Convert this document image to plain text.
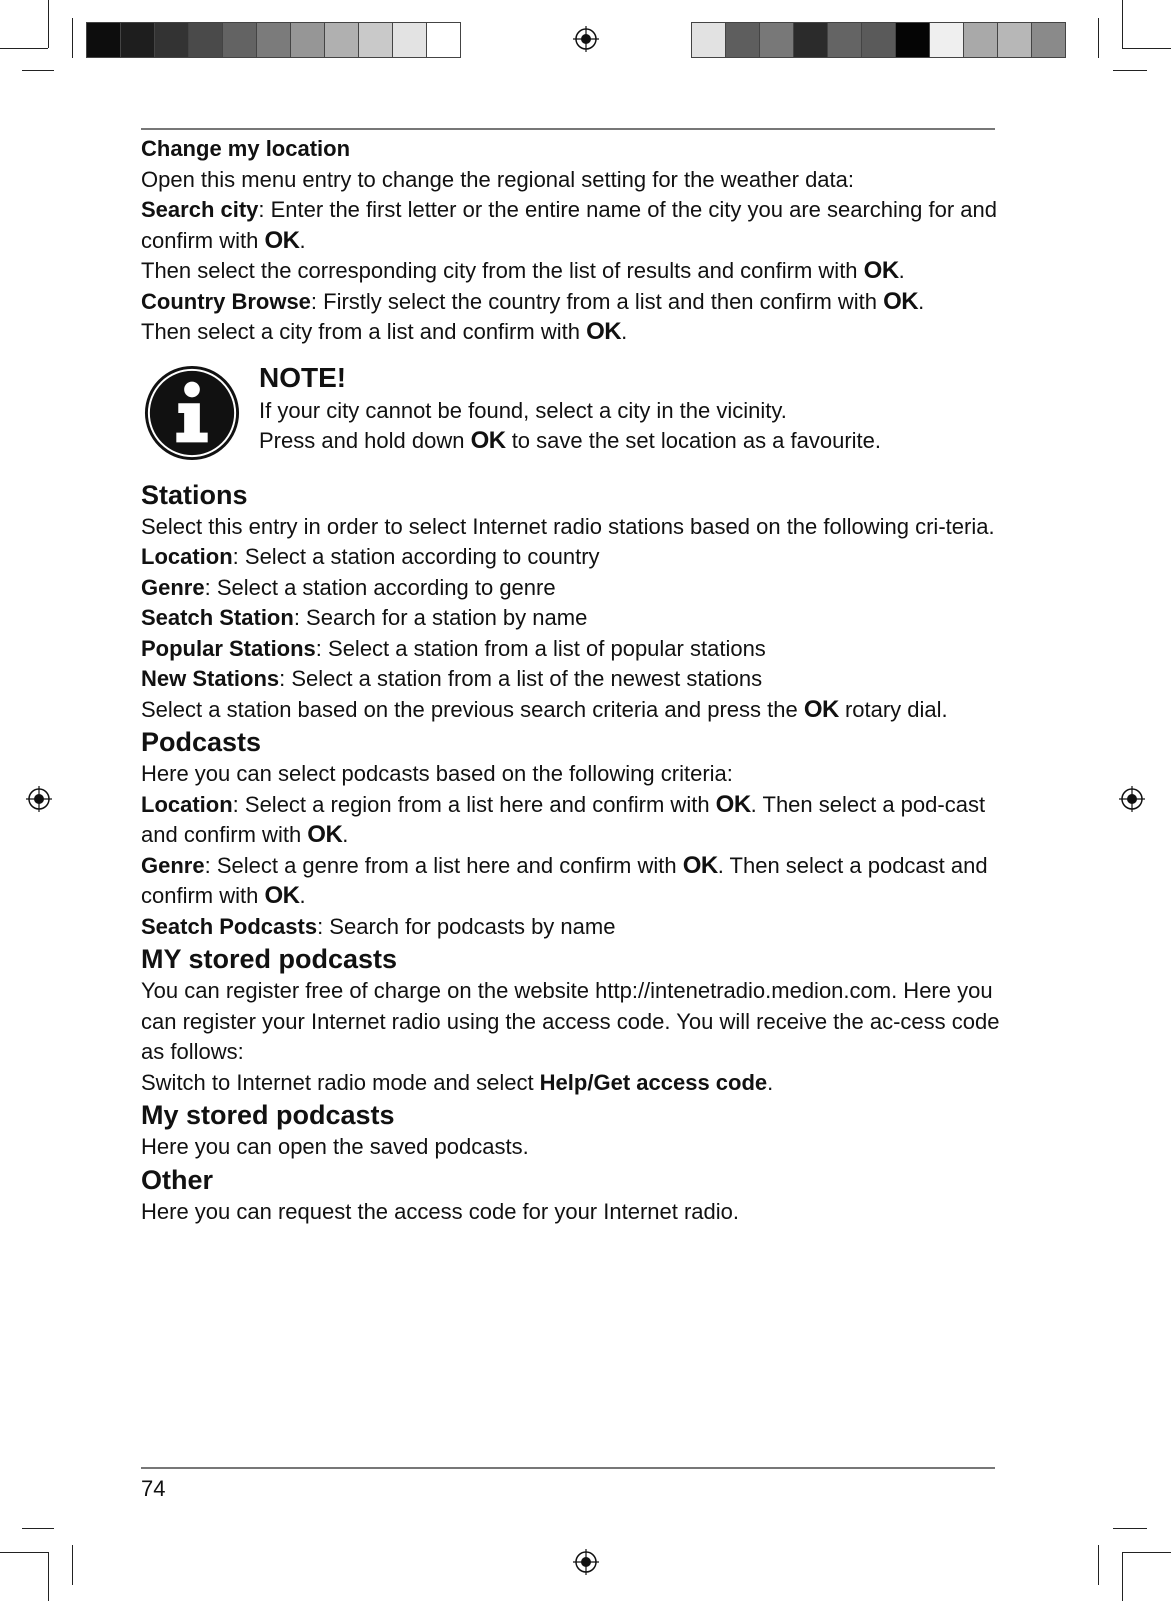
Change my location

Open this menu entry to change the regional setting for the weather data:

Search city: Enter the first letter or the entire name of the city you are searching for and confirm with OK.

Then select the corresponding city from the list of results and confirm with OK.

Country Browse: Firstly select the country from a list and then confirm with OK.

Then select a city from a list and confirm with OK.

NOTE!

If your city cannot be found, select a city in the vicinity.

Press and hold down OK to save the set location as a favourite.

Stations

Select this entry in order to select Internet radio stations based on the following cri-teria.

Location: Select a station according to country

Genre: Select a station according to genre

Seatch Station: Search for a station by name

Popular Stations: Select a station from a list of popular stations

New Stations: Select a station from a list of the newest stations

Select a station based on the previous search criteria and press the OK rotary dial.

Podcasts

Here you can select podcasts based on the following criteria:

Location: Select a region from a list here and confirm with OK. Then select a pod-cast and confirm with OK.

Genre: Select a genre from a list here and confirm with OK. Then select a podcast and confirm with OK.

Seatch Podcasts: Search for podcasts by name

MY stored podcasts

You can register free of charge on the website http://intenetradio.medion.com. Here you can register your Internet radio using the access code. You will receive the ac-cess code as follows:

Switch to Internet radio mode and select Help/Get access code.

My stored podcasts

Here you can open the saved podcasts.

Other

Here you can request the access code for your Internet radio.

74
